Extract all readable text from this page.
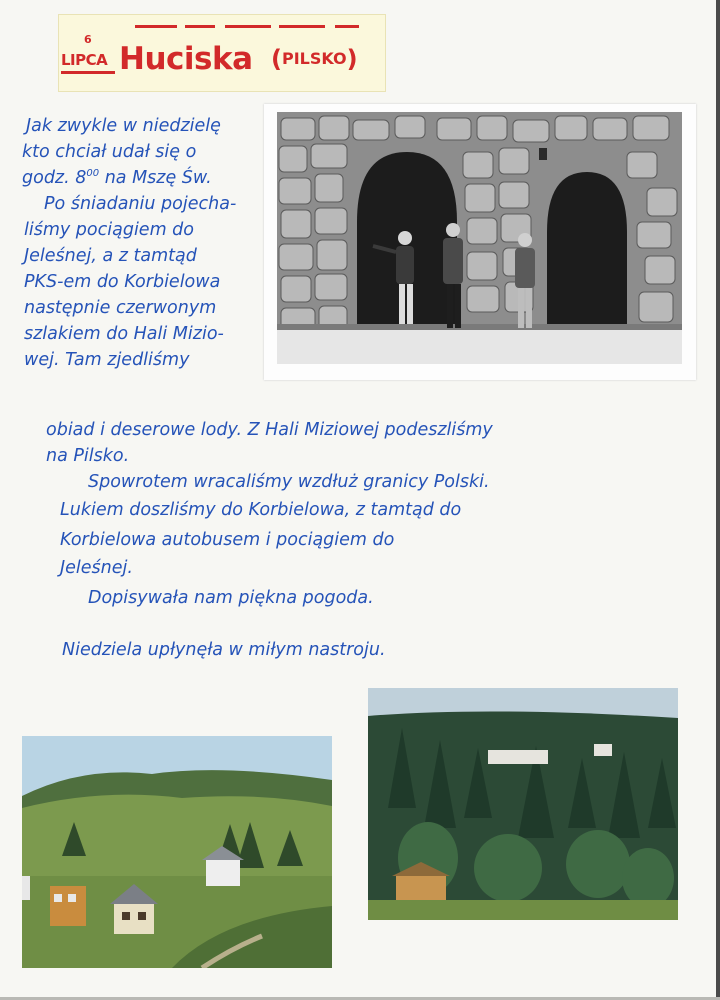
6
LIPCA Huciska (PILSKO)
Jak zwykle w niedzielę
kto chciał udał się o
godz. $8^{00}$ na Mszę Św.
Po śniadaniu pojecha-
liśmy pociągiem do
Jeleśnej, a z tamtąd
PKS-em do Korbielowa
następnie czerwonym
szlakiem do Hali Mizio-
wej. Tam zjedliśmy
obiad i deserowe lody. Z Hali Miziowej podeszliśmy
na Pilsko.
Spowrotem wracaliśmy wzdłuż granicy Polski.
Lukiem doszliśmy do Korbielowa, z tamtąd do
Korbielowa autobusem i pociągiem do
Jeleśnej.
Dopisywała nam piękna pogoda.
Niedziela upłynęła w miłym nastroju.
